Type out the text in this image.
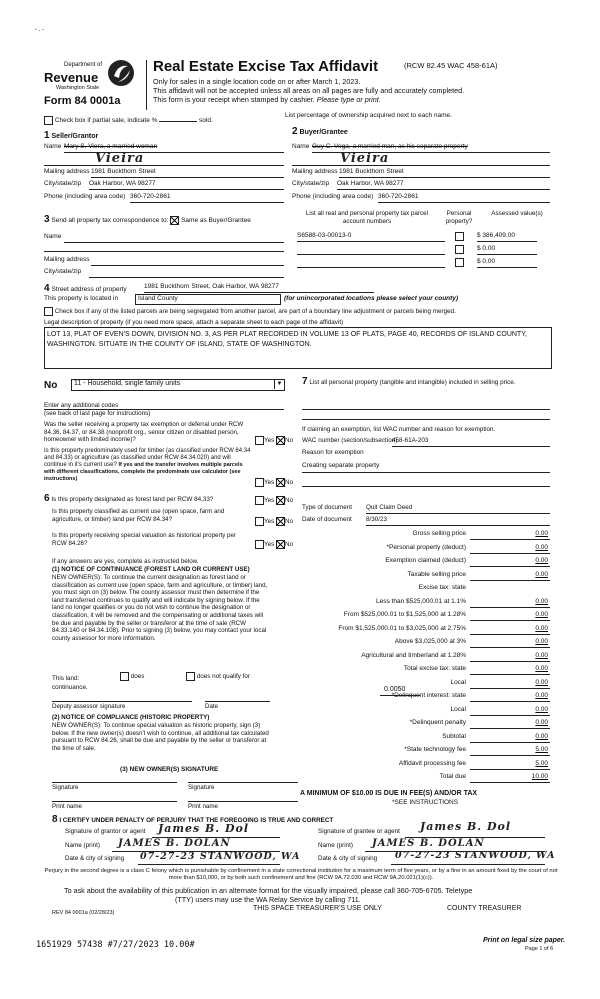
- . -
Department of
Revenue
Washington State
Form 84 0001a
Real Estate Excise Tax Affidavit	(RCW 82.45 WAC 458-61A)
Only for sales in a single location code on or after March 1, 2023.
This affidavit will not be accepted unless all areas on all pages are fully and accurately completed.
This form is your receipt when stamped by cashier. Please type or print.
Check box if partial sale, indicate %	sold.
List percentage of ownership acquired next to each name.
1 Seller/Grantor
Name Mary S. Viera, a married woman
Vieira
Mailing address 1981 Buckthorn Street
City/state/zip Oak Harbor, WA 98277
Phone (including area code) 360-720-2861
2 Buyer/Grantee
Name Guy C. Vega, a married man, as his separate property
Vieira
Mailing address 1981 Buckthorn Street
City/state/zip Oak Harbor, WA 98277
Phone (including area code) 360-720-2861
3 Send all property tax correspondence to: Same as Buyer/Grantee
Name
Mailing address
City/state/zip
List all real and personal property tax parcel account numbers
Personal property?
Assessed value(s)
S6588-03-00013-0	$ 386,409.00
$ 0.00
$ 0.00
4 Street address of property	1981 Buckthorn Street, Oak Harbor, WA 98277
This property is located in	Island County	(for unincorporated locations please select your county)
Check box if any of the listed parcels are being segregated from another parcel, are part of a boundary line adjustment or parcels being merged.
Legal description of property (if you need more space, attach a separate sheet to each page of the affidavit)
LOT 13, PLAT OF EVEN'S DOWN, DIVISION NO. 3, AS PER PLAT RECORDED IN VOLUME 13 OF PLATS, PAGE 40, RECORDS OF ISLAND COUNTY, WASHINGTON. SITUATE IN THE COUNTY OF ISLAND, STATE OF WASHINGTON.
No	11 - Household, single family units	▼
Enter any additional codes
(see back of last page for instructions)
Was the seller receiving a property tax exemption or deferral under RCW 84.36, 84.37, or 84.38 (nonprofit org., senior citizen or disabled person, homeowner with limited income)?	Yes No
Is this property predominately used for timber (as classified under RCW 84.34 and 84.33) or agriculture (as classified under RCW 84.34.020) and will continue in it's current use? If yes and the transfer involves multiple parcels with different classifications, complete the predominate use calculator (see instructions)
Yes No
6 Is this property designated as forest land per RCW 84.33?	Yes No
Is this property classified as current use (open space, farm and agriculture, or timber) land per RCW 84.34?	Yes No
Is this property receiving special valuation as historical property per RCW 84.26?	Yes No
If any answers are yes, complete as instructed below.
(1) NOTICE OF CONTINUANCE (FOREST LAND OR CURRENT USE)
NEW OWNER(S): To continue the current designation as forest land or classification as current use (open space, farm and agriculture, or timber) land, you must sign on (3) below. The county assessor must then determine if the land transferred continues to qualify and will indicate by signing below. If the land no longer qualifies or you do not wish to continue the designation or classification, it will be removed and the compensating or additional taxes will be due and payable by the seller or transferor at the time of sale (RCW 84.33.140 or 84.34.108). Prior to signing (3) below, you may contact your local county assessor for more information.
This land:	does	does not qualify for
continuance.
Deputy assessor signature	Date
(2) NOTICE OF COMPLIANCE (HISTORIC PROPERTY)
NEW OWNER(S): To continue special valuation as historic property, sign (3) below. If the new owner(s) doesn't wish to continue, all additional tax calculated pursuant to RCW 84.26, shall be due and payable by the seller or transferor at the time of sale.
(3) NEW OWNER(S) SIGNATURE
Signature	Signature
Print name	Print name
7 List all personal property (tangible and intangible) included in selling price.
If claiming an exemption, list WAC number and reason for exemption.
WAC number (section/subsection)
458-61A-203
Reason for exemption
Creating separate property
Type of document Quit Claim Deed
Date of document 8/30/23
Gross selling price	0.00
*Personal property (deduct)	0.00
Exemption claimed (deduct)	0.00
Taxable selling price	0.00
Excise tax: state
Less than $525,000.01 at 1.1%	0.00
From $525,000.01 to $1,525,000 at 1.28%	0.00
From $1,525,000.01 to $3,025,000 at 2.75%	0.00
Above $3,025,000 at 3%	0.00
Agricultural and timberland at 1.28%	0.00
Total excise tax: state	0.00
Local	0.00
*Delinquent interest: state	0.00
Local	0.00
*Delinquent penalty	0.00
Subtotal	0.00
*State technology fee	5.00
Affidavit processing fee	5.00
Total due	10.00
0.0050
A MINIMUM OF $10.00 IS DUE IN FEE(S) AND/OR TAX
*SEE INSTRUCTIONS
8 I CERTIFY UNDER PENALTY OF PERJURY THAT THE FOREGOING IS TRUE AND CORRECT
Signature of grantor or agent James B. Dol
Name (print) JAMES B. DOLAN
Date & city of signing 07-27-23 STANWOOD, WA
Signature of grantee or agent James B. Dol
Name (print) JAMES B. DOLAN
Date & city of signing 07-27-23 STANWOOD, WA
Perjury in the second degree is a class C felony which is punishable by confinement in a state correctional institution for a maximum term of five years, or by a fine in an amount fixed by the court of not more than $10,000, or by both such confinement and fine (RCW 9A.72.030 and RCW 9A.20.021(1)(c)).
To ask about the availability of this publication in an alternate format for the visually impaired, please call 360-705-6705. Teletype
(TTY) users may use the WA Relay Service by calling 711.
REV 84 0001a (02/28/23)
THIS SPACE TREASURER'S USE ONLY	COUNTY TREASURER
1651929 57438 #7/27/2023 10.00#	Print on legal size paper.
Page 1 of 6
